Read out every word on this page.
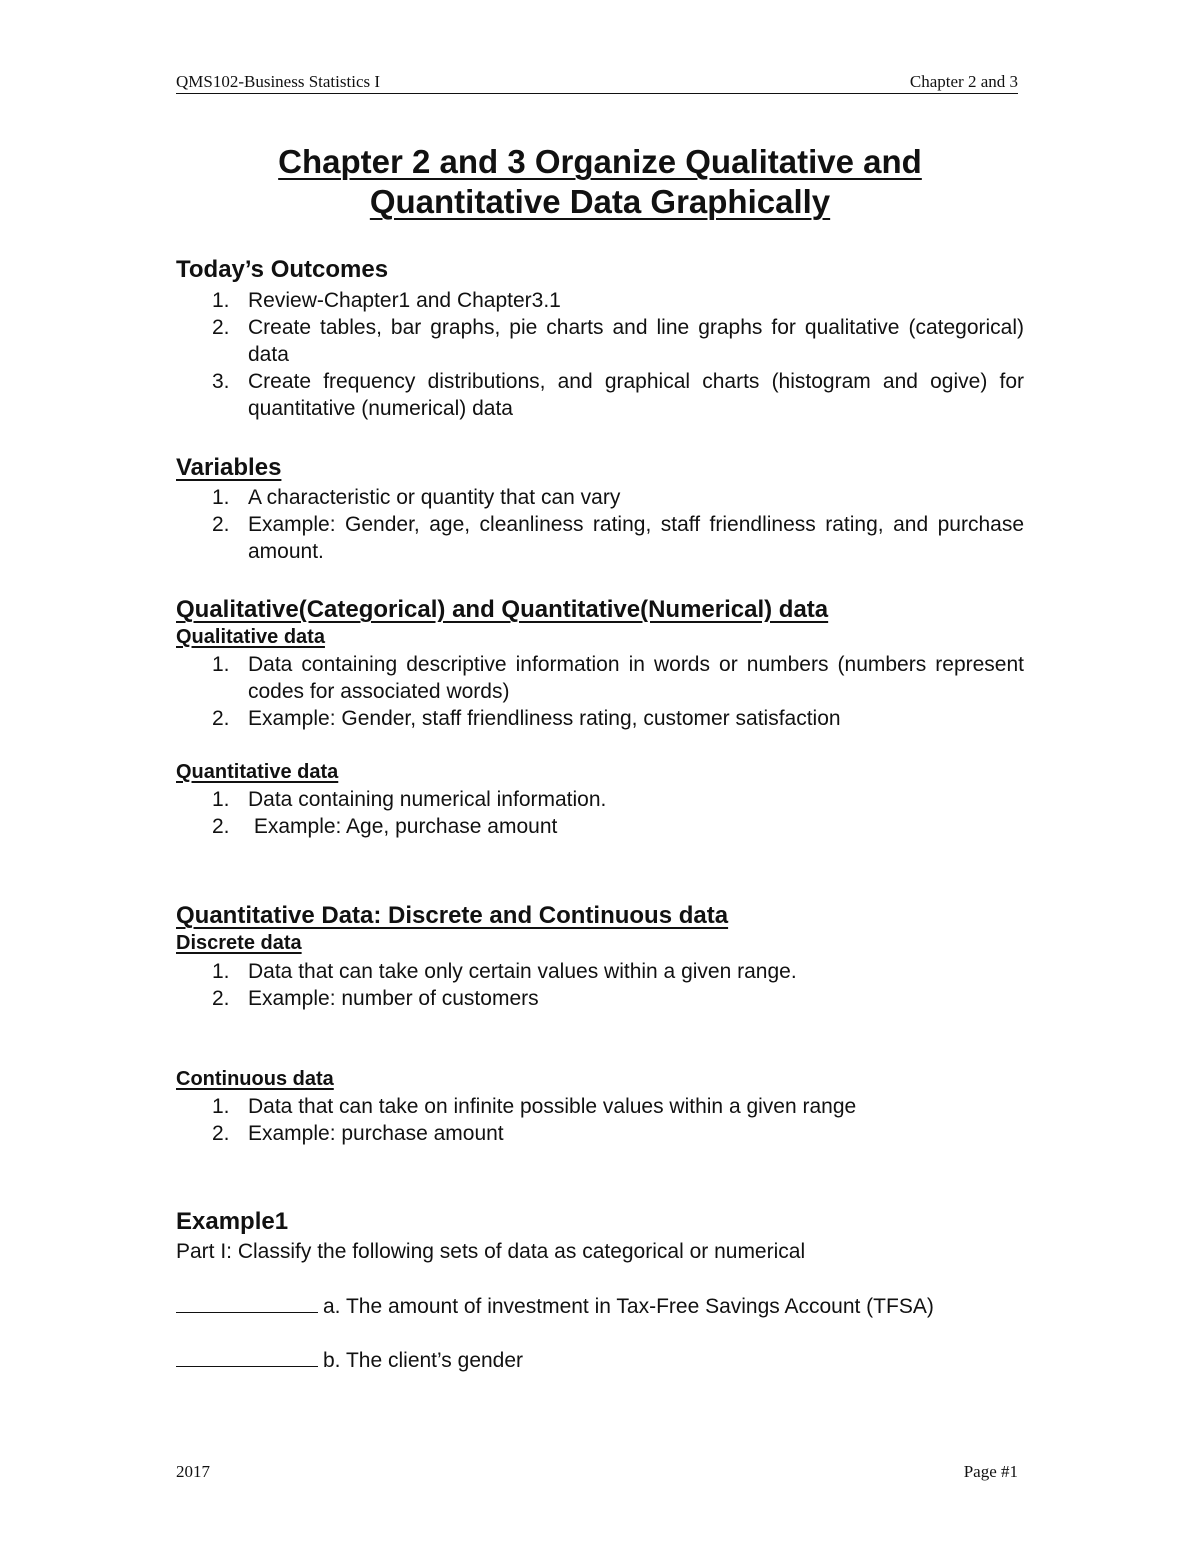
QMS102-Business Statistics I	Chapter 2 and 3
Chapter 2 and 3 Organize Qualitative and
Quantitative Data Graphically
Today’s Outcomes
1. Review-Chapter1 and Chapter3.1
2. Create tables, bar graphs, pie charts and line graphs for qualitative (categorical) data
3. Create frequency distributions, and graphical charts (histogram and ogive) for quantitative (numerical) data
Variables
1. A characteristic or quantity that can vary
2. Example: Gender, age, cleanliness rating, staff friendliness rating, and purchase amount.
Qualitative(Categorical) and Quantitative(Numerical) data
Qualitative data
1. Data containing descriptive information in words or numbers (numbers represent codes for associated words)
2. Example: Gender, staff friendliness rating, customer satisfaction
Quantitative data
1. Data containing numerical information.
2. Example: Age, purchase amount
Quantitative Data: Discrete and Continuous data
Discrete data
1. Data that can take only certain values within a given range.
2. Example: number of customers
Continuous data
1. Data that can take on infinite possible values within a given range
2. Example: purchase amount
Example1
Part I: Classify the following sets of data as categorical or numerical
a. The amount of investment in Tax-Free Savings Account (TFSA)
b. The client’s gender
2017	Page #1
